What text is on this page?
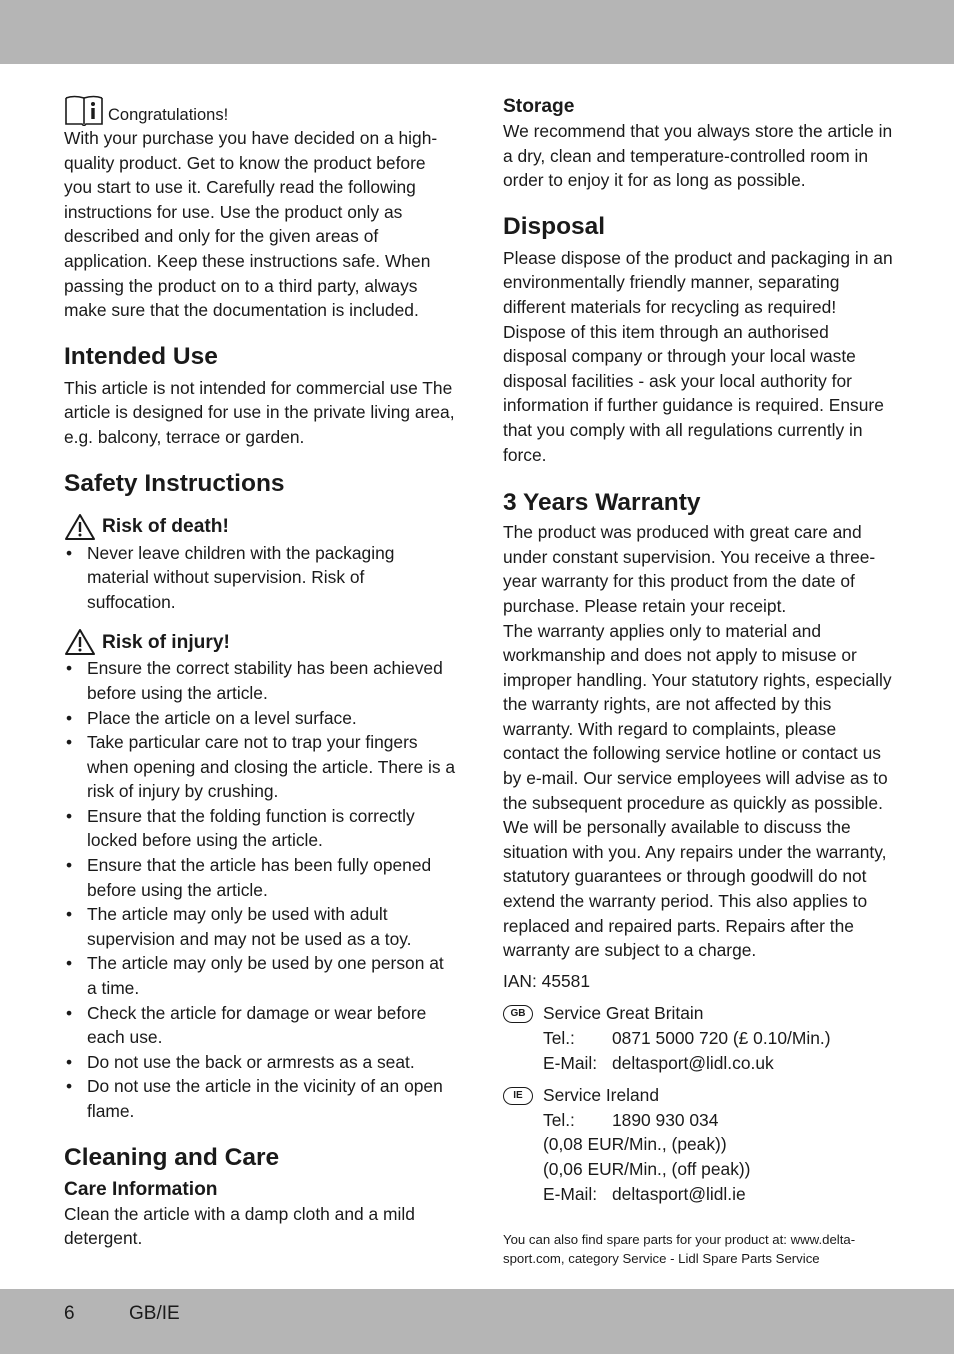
Congratulations!

With your purchase you have decided on a high-quality product. Get to know the product before you start to use it. Carefully read the following instructions for use. Use the product only as described and only for the given areas of application. Keep these instructions safe. When passing the product on to a third party, always make sure that the documentation is included.

Intended Use

This article is not intended for commercial use The article is designed for use in the private living area, e.g. balcony, terrace or garden.

Safety Instructions
Risk of death!
• Never leave children with the packaging material without supervision. Risk of suffocation.
Risk of injury!
• Ensure the correct stability has been achieved before using the article.
• Place the article on a level surface.
• Take particular care not to trap your fingers when opening and closing the article. There is a risk of injury by crushing.
• Ensure that the folding function is correctly locked before using the article.
• Ensure that the article has been fully opened before using the article.
• The article may only be used with adult supervision and may not be used as a toy.
• The article may only be used by one person at a time.
• Check the article for damage or wear before each use.
• Do not use the back or armrests as a seat.
• Do not use the article in the vicinity of an open flame.
Cleaning and Care
Care Information

Clean the article with a damp cloth and a mild detergent.

Storage

We recommend that you always store the article in a dry, clean and temperature-controlled room in order to enjoy it for as long as possible.

Disposal

Please dispose of the product and packaging in an environmentally friendly manner, separating different materials for recycling as required! Dispose of this item through an authorised disposal company or through your local waste disposal facilities - ask your local authority for information if further guidance is required. Ensure that you comply with all regulations currently in force.

3 Years Warranty

The product was produced with great care and under constant supervision. You receive a three-year warranty for this product from the date of purchase. Please retain your receipt.

The warranty applies only to material and workmanship and does not apply to misuse or improper handling. Your statutory rights, especially the warranty rights, are not affected by this warranty. With regard to complaints, please contact the following service hotline or contact us by e-mail. Our service employees will advise as to the subsequent procedure as quickly as possible. We will be personally available to discuss the situation with you. Any repairs under the warranty, statutory guarantees or through goodwill do not extend the warranty period. This also applies to replaced and repaired parts. Repairs after the warranty are subject to a charge.

IAN: 45581

GB	Service Great Britain

Tel.:	0871 5000 720 (£ 0.10/Min.)

E-Mail: deltasport@lidl.co.uk

IE	Service Ireland

Tel.:	1890 930 034

(0,08 EUR/Min., (peak))

(0,06 EUR/Min., (off peak))

E-Mail: deltasport@lidl.ie

You can also find spare parts for your product at: www.delta-sport.com, category Service - Lidl Spare Parts Service

6	GB/IE
